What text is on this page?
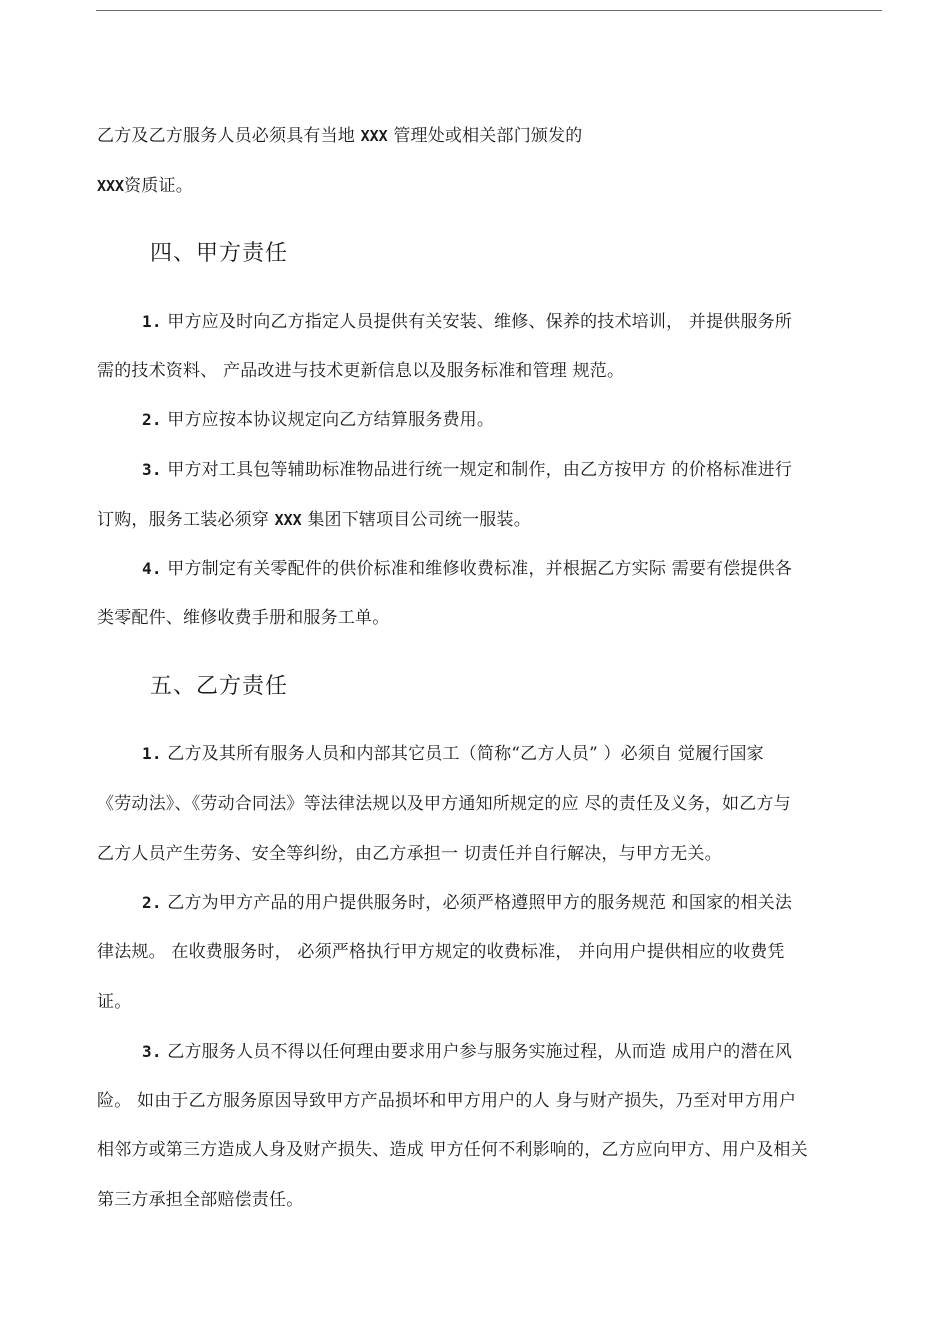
乙方及乙方服务人员必须具有当地 XXX 管理处或相关部门颁发的
XXX资质证。
四、甲方责任
1. 甲方应及时向乙方指定人员提供有关安装、维修、保养的技术培训， 并提供服务所
需的技术资料、 产品改进与技术更新信息以及服务标准和管理 规范。
2. 甲方应按本协议规定向乙方结算服务费用。
3. 甲方对工具包等辅助标准物品进行统一规定和制作，由乙方按甲方 的价格标准进行
订购，服务工装必须穿 XXX 集团下辖项目公司统一服装。
4. 甲方制定有关零配件的供价标准和维修收费标准，并根据乙方实际 需要有偿提供各
类零配件、维修收费手册和服务工单。
五、乙方责任
1. 乙方及其所有服务人员和内部其它员工（简称“乙方人员” ）必须自 觉履行国家
《劳动法》、《劳动合同法》等法律法规以及甲方通知所规定的应 尽的责任及义务，如乙方与
乙方人员产生劳务、安全等纠纷，由乙方承担一 切责任并自行解决，与甲方无关。
2. 乙方为甲方产品的用户提供服务时，必须严格遵照甲方的服务规范 和国家的相关法
律法规。 在收费服务时， 必须严格执行甲方规定的收费标准， 并向用户提供相应的收费凭
证。
3. 乙方服务人员不得以任何理由要求用户参与服务实施过程，从而造 成用户的潜在风
险。 如由于乙方服务原因导致甲方产品损坏和甲方用户的人 身与财产损失，乃至对甲方用户
相邻方或第三方造成人身及财产损失、造成 甲方任何不利影响的，乙方应向甲方、用户及相关
第三方承担全部赔偿责任。
